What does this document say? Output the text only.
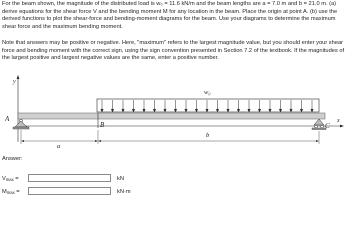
For the beam shown, the magnitude of the distributed load is w₀ = 11.6 kN/m and the beam lengths are a = 7.0 m and b = 21.0 m. (a) derive equations for the shear force V and the bending moment M for any location in the beam. Place the origin at point A. (b) use the derived functions to plot the shear-force and bending-moment diagrams for the beam. Use your diagrams to determine the maximum shear force and the maximum bending moment.

Note that answers may be positive or negative. Here, "maximum" refers to the largest magnitude value, but you should enter your shear force and bending moment with the correct sign, using the sign convention presented in Section 7.2 of the textbook. If the magnitudes of the largest positive and largest negative values are the same, enter a positive number.

y
x
w₀
A
B	C
a
b
Answer:
$V_{max}$ =	kN
$M_{max}$ =	kN·m
